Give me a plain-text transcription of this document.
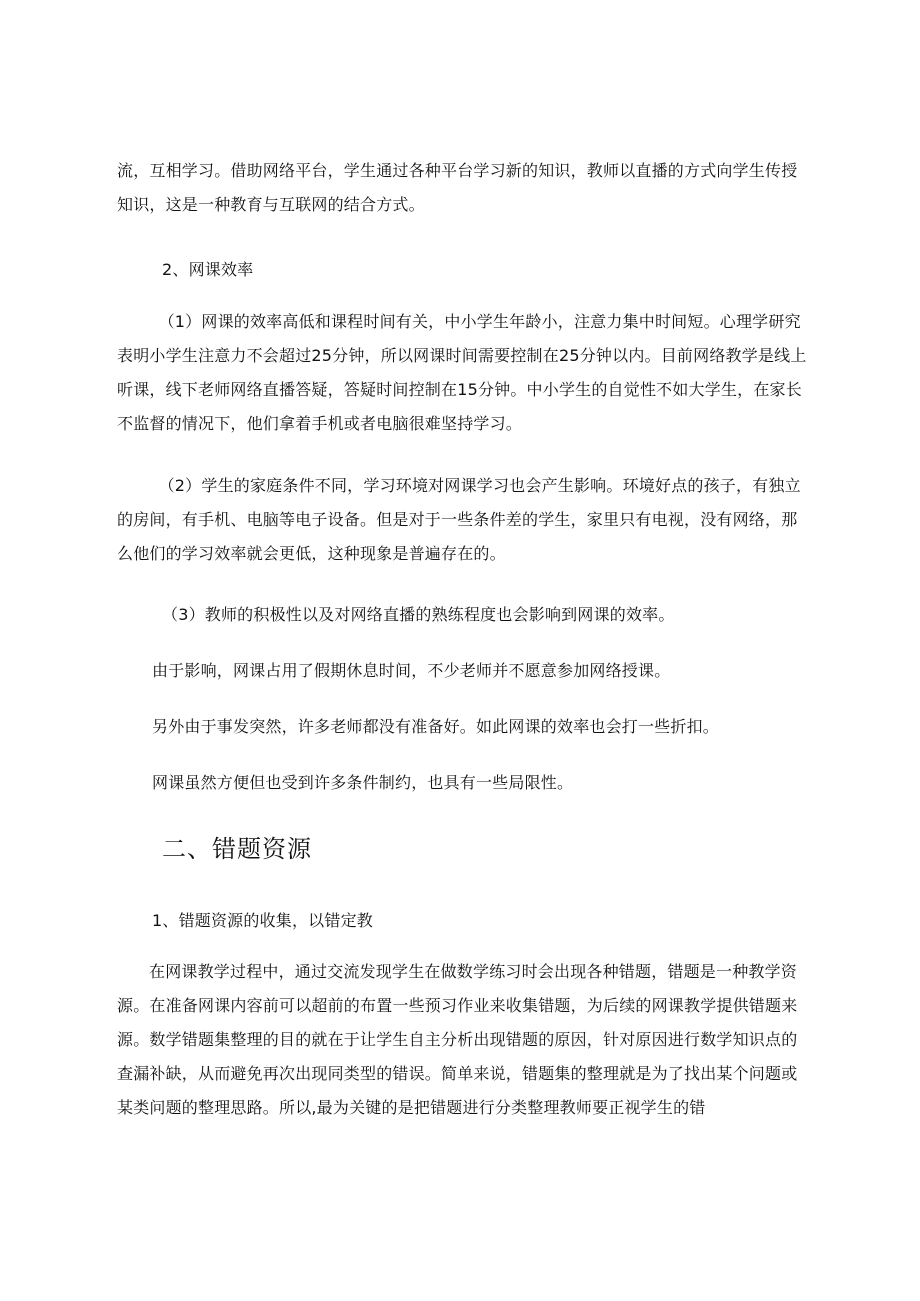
流，互相学习。借助网络平台，学生通过各种平台学习新的知识，教师以直播的方式向学生传授知识，这是一种教育与互联网的结合方式。

2、网课效率

（1）网课的效率高低和课程时间有关，中小学生年龄小，注意力集中时间短。心理学研究表明小学生注意力不会超过25分钟，所以网课时间需要控制在25分钟以内。目前网络教学是线上听课，线下老师网络直播答疑，答疑时间控制在15分钟。中小学生的自觉性不如大学生，在家长不监督的情况下，他们拿着手机或者电脑很难坚持学习。

（2）学生的家庭条件不同，学习环境对网课学习也会产生影响。环境好点的孩子，有独立的房间，有手机、电脑等电子设备。但是对于一些条件差的学生，家里只有电视，没有网络，那么他们的学习效率就会更低，这种现象是普遍存在的。

（3）教师的积极性以及对网络直播的熟练程度也会影响到网课的效率。
由于影响，网课占用了假期休息时间，不少老师并不愿意参加网络授课。
另外由于事发突然，许多老师都没有准备好。如此网课的效率也会打一些折扣。
网课虽然方便但也受到许多条件制约，也具有一些局限性。
二、错题资源
1、错题资源的收集，以错定教

在网课教学过程中，通过交流发现学生在做数学练习时会出现各种错题，错题是一种教学资源。在准备网课内容前可以超前的布置一些预习作业来收集错题，为后续的网课教学提供错题来源。数学错题集整理的目的就在于让学生自主分析出现错题的原因，针对原因进行数学知识点的查漏补缺，从而避免再次出现同类型的错误。简单来说，错题集的整理就是为了找出某个问题或某类问题的整理思路。所以,最为关键的是把错题进行分类整理教师要正视学生的错
